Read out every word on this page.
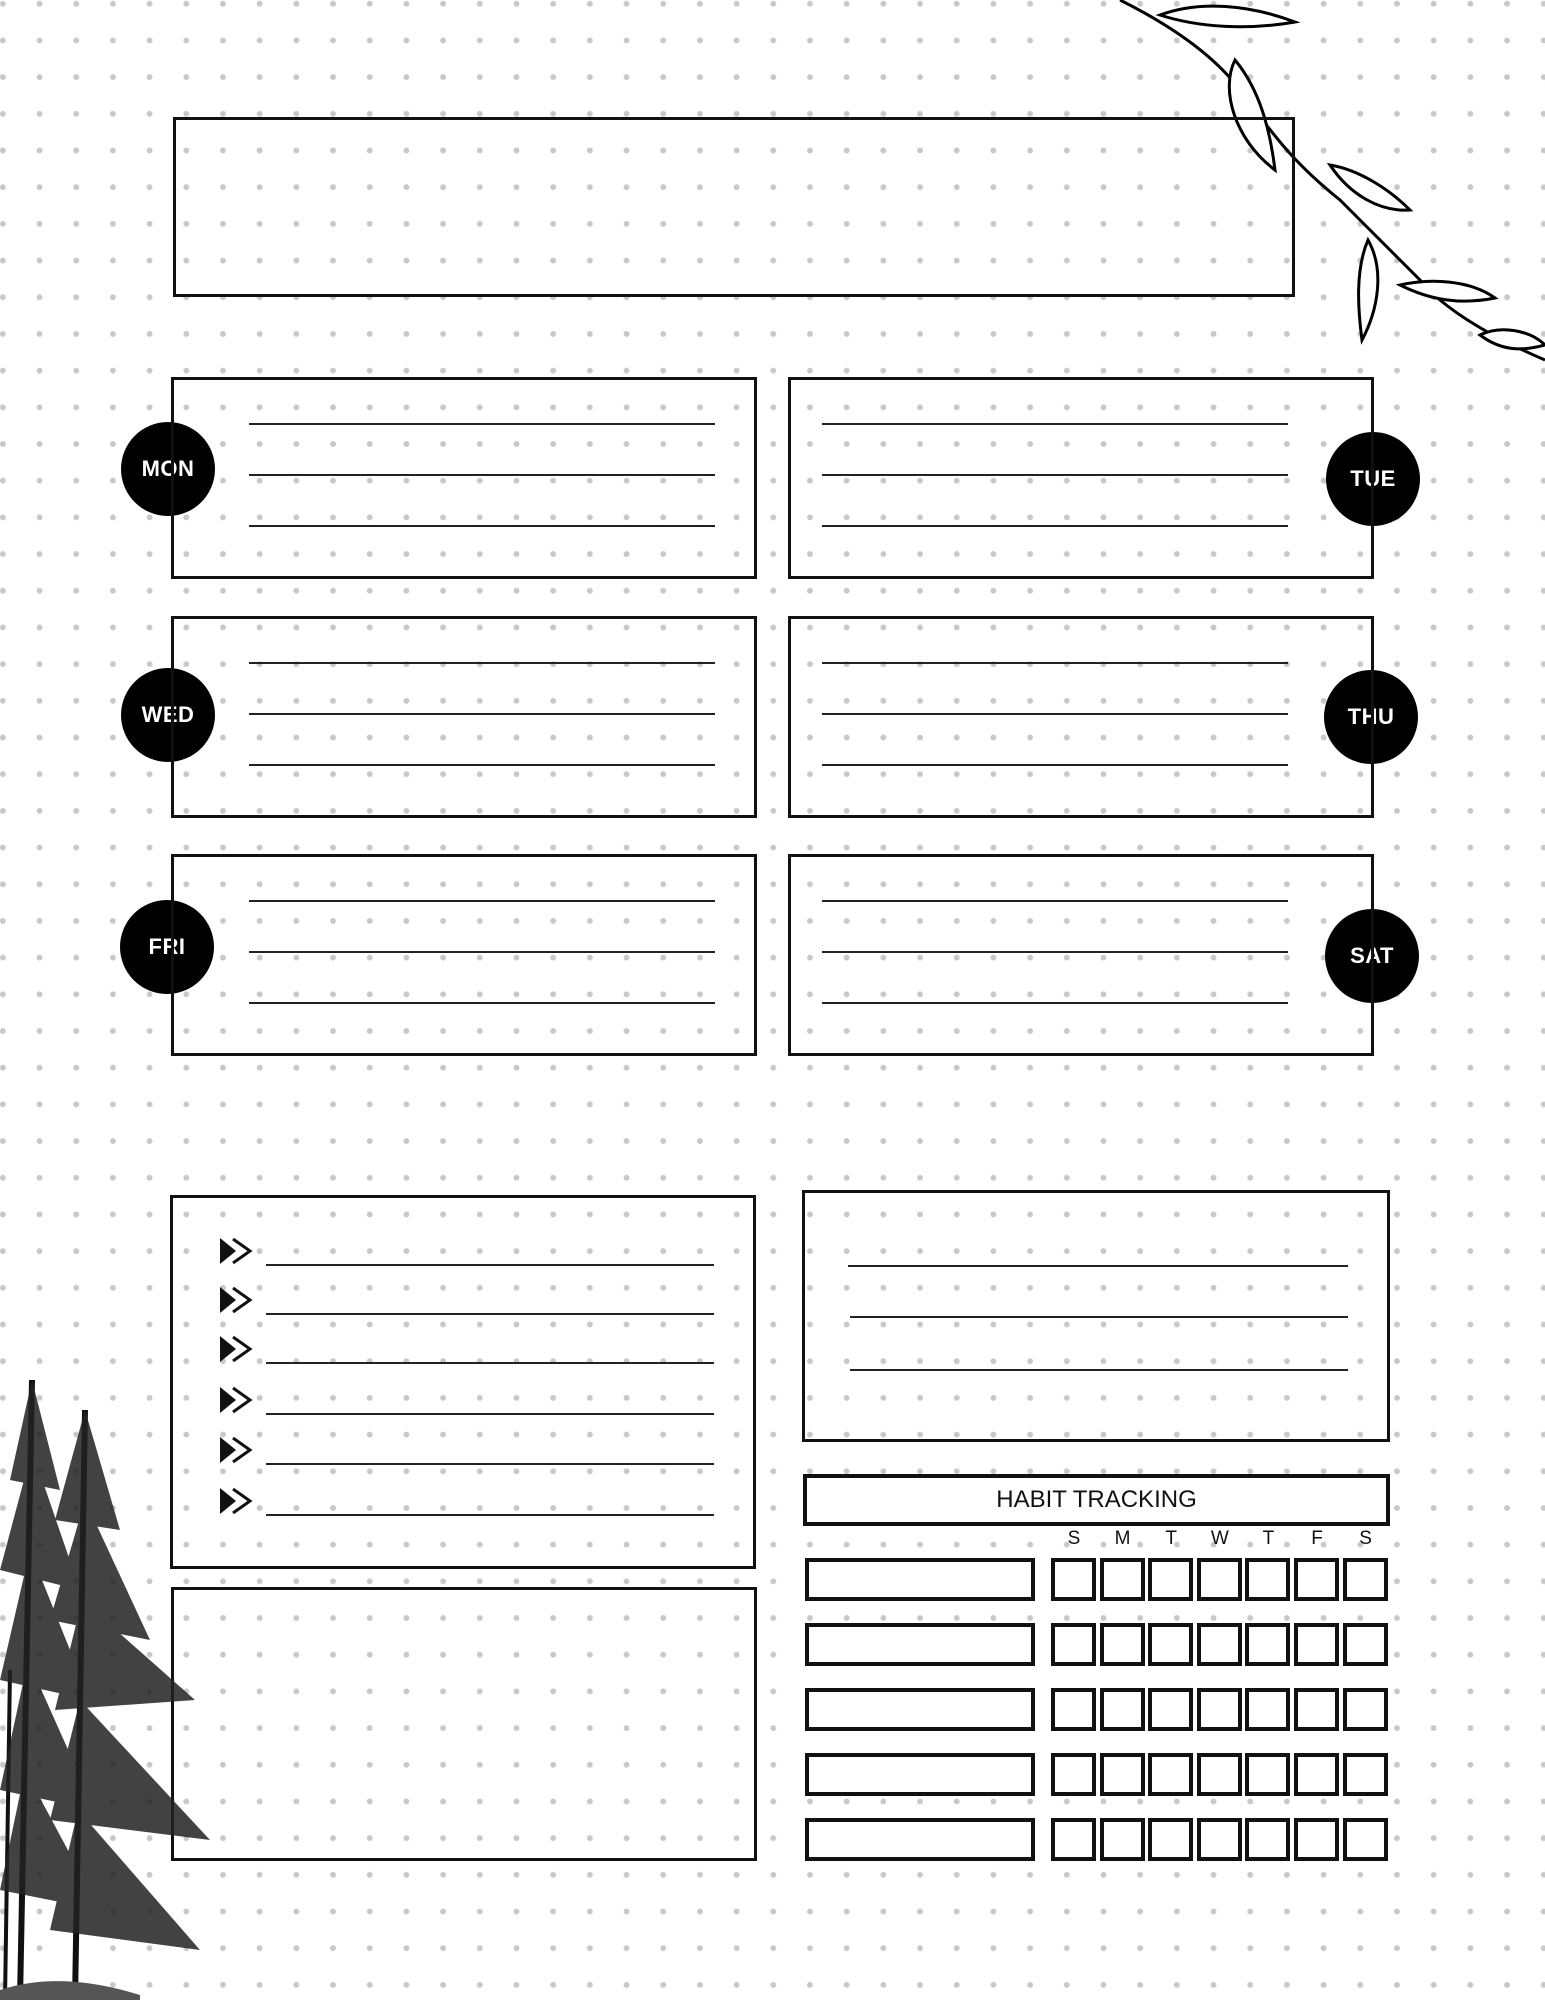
MON	TUE
WED	THU
FRI	SAT
HABIT TRACKING
S	M	T	W	T	F	S
